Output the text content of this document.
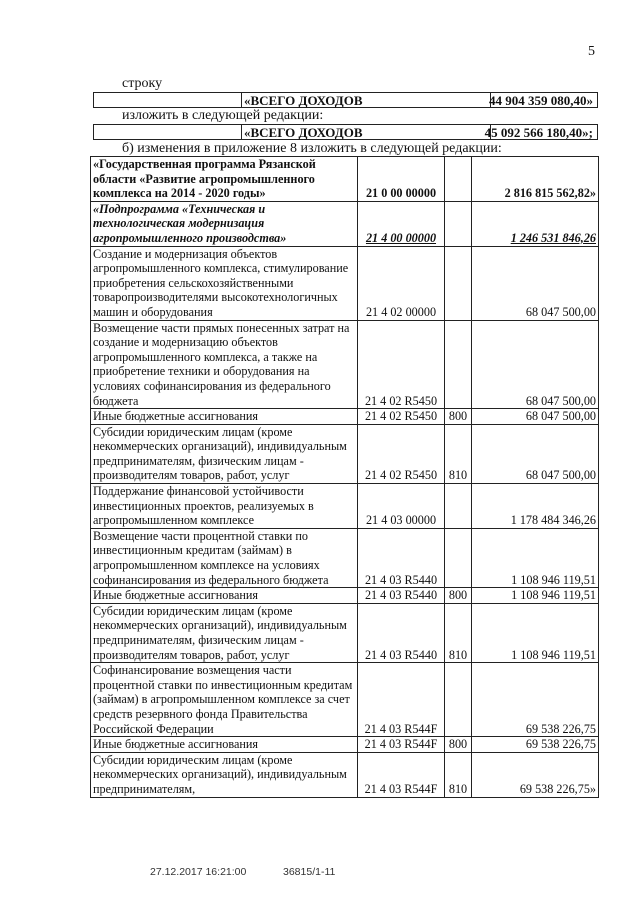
5
строку
«ВСЕГО ДОХОДОВ	44 904 359 080,40»
изложить в следующей редакции:
«ВСЕГО ДОХОДОВ	45 092 566 180,40»;
б) изменения в приложение 8 изложить в следующей редакции:
«Государственная программа Рязанской области «Развитие агропромышленного комплекса на 2014 - 2020 годы»	21 0 00 00000		2 816 815 562,82»
«Подпрограмма «Техническая и технологическая модернизация агропромышленного производства»	21 4 00 00000		1 246 531 846,26
Создание и модернизация объектов агропромышленного комплекса, стимулирование приобретения сельскохозяйственными товаропроизводителями высокотехнологичных машин и оборудования	21 4 02 00000		68 047 500,00
Возмещение части прямых понесенных затрат на создание и модернизацию объектов агропромышленного комплекса, а также на приобретение техники и оборудования на условиях софинансирования из федерального бюджета	21 4 02 R5450		68 047 500,00
Иные бюджетные ассигнования	21 4 02 R5450	800	68 047 500,00
Субсидии юридическим лицам (кроме некоммерческих организаций), индивидуальным предпринимателям, физическим лицам - производителям товаров, работ, услуг	21 4 02 R5450	810	68 047 500,00
Поддержание финансовой устойчивости инвестиционных проектов, реализуемых в агропромышленном комплексе	21 4 03 00000		1 178 484 346,26
Возмещение части процентной ставки по инвестиционным кредитам (займам) в агропромышленном комплексе на условиях софинансирования из федерального бюджета	21 4 03 R5440		1 108 946 119,51
Иные бюджетные ассигнования	21 4 03 R5440	800	1 108 946 119,51
Субсидии юридическим лицам (кроме некоммерческих организаций), индивидуальным предпринимателям, физическим лицам - производителям товаров, работ, услуг	21 4 03 R5440	810	1 108 946 119,51
Софинансирование возмещения части процентной ставки по инвестиционным кредитам (займам) в агропромышленном комплексе за счет средств резервного фонда Правительства Российской Федерации	21 4 03 R544F		69 538 226,75
Иные бюджетные ассигнования	21 4 03 R544F	800	69 538 226,75
Субсидии юридическим лицам (кроме некоммерческих организаций), индивидуальным предпринимателям,	21 4 03 R544F	810	69 538 226,75»
27.12.2017 16:21:00	36815/1-11
